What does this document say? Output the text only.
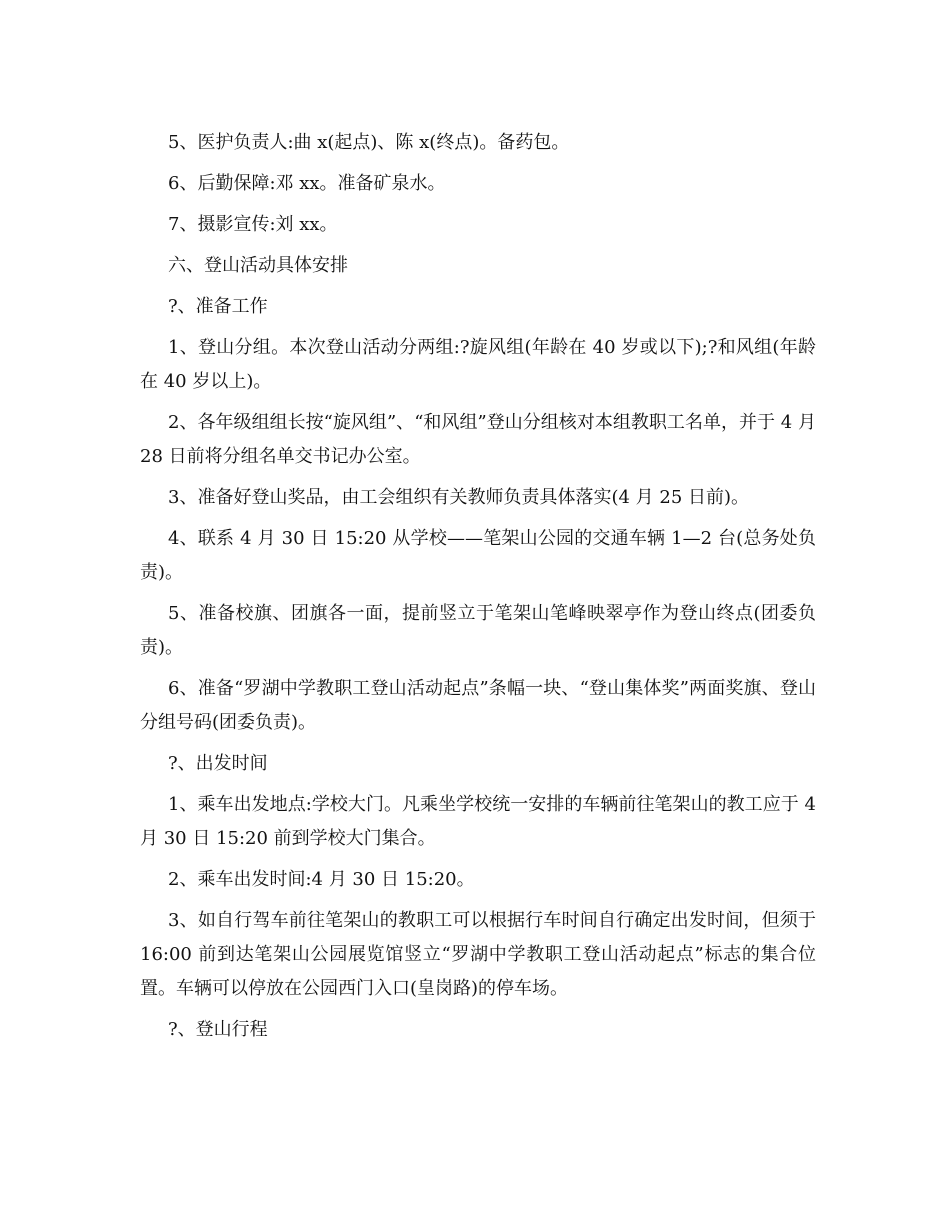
5、医护负责人:曲 x(起点)、陈 x(终点)。备药包。

6、后勤保障:邓 xx。准备矿泉水。

7、摄影宣传:刘 xx。

六、登山活动具体安排

?、准备工作

1、登山分组。本次登山活动分两组:?旋风组(年龄在 40 岁或以下);?和风组(年龄在 40 岁以上)。

2、各年级组组长按“旋风组”、“和风组”登山分组核对本组教职工名单，并于 4 月 28 日前将分组名单交书记办公室。

3、准备好登山奖品，由工会组织有关教师负责具体落实(4 月 25 日前)。

4、联系 4 月 30 日 15:20 从学校——笔架山公园的交通车辆 1—2 台(总务处负责)。

5、准备校旗、团旗各一面，提前竖立于笔架山笔峰映翠亭作为登山终点(团委负责)。

6、准备“罗湖中学教职工登山活动起点”条幅一块、“登山集体奖”两面奖旗、登山分组号码(团委负责)。

?、出发时间

1、乘车出发地点:学校大门。凡乘坐学校统一安排的车辆前往笔架山的教工应于 4 月 30 日 15:20 前到学校大门集合。

2、乘车出发时间:4 月 30 日 15:20。

3、如自行驾车前往笔架山的教职工可以根据行车时间自行确定出发时间，但须于 16:00 前到达笔架山公园展览馆竖立“罗湖中学教职工登山活动起点”标志的集合位置。车辆可以停放在公园西门入口(皇岗路)的停车场。

?、登山行程
